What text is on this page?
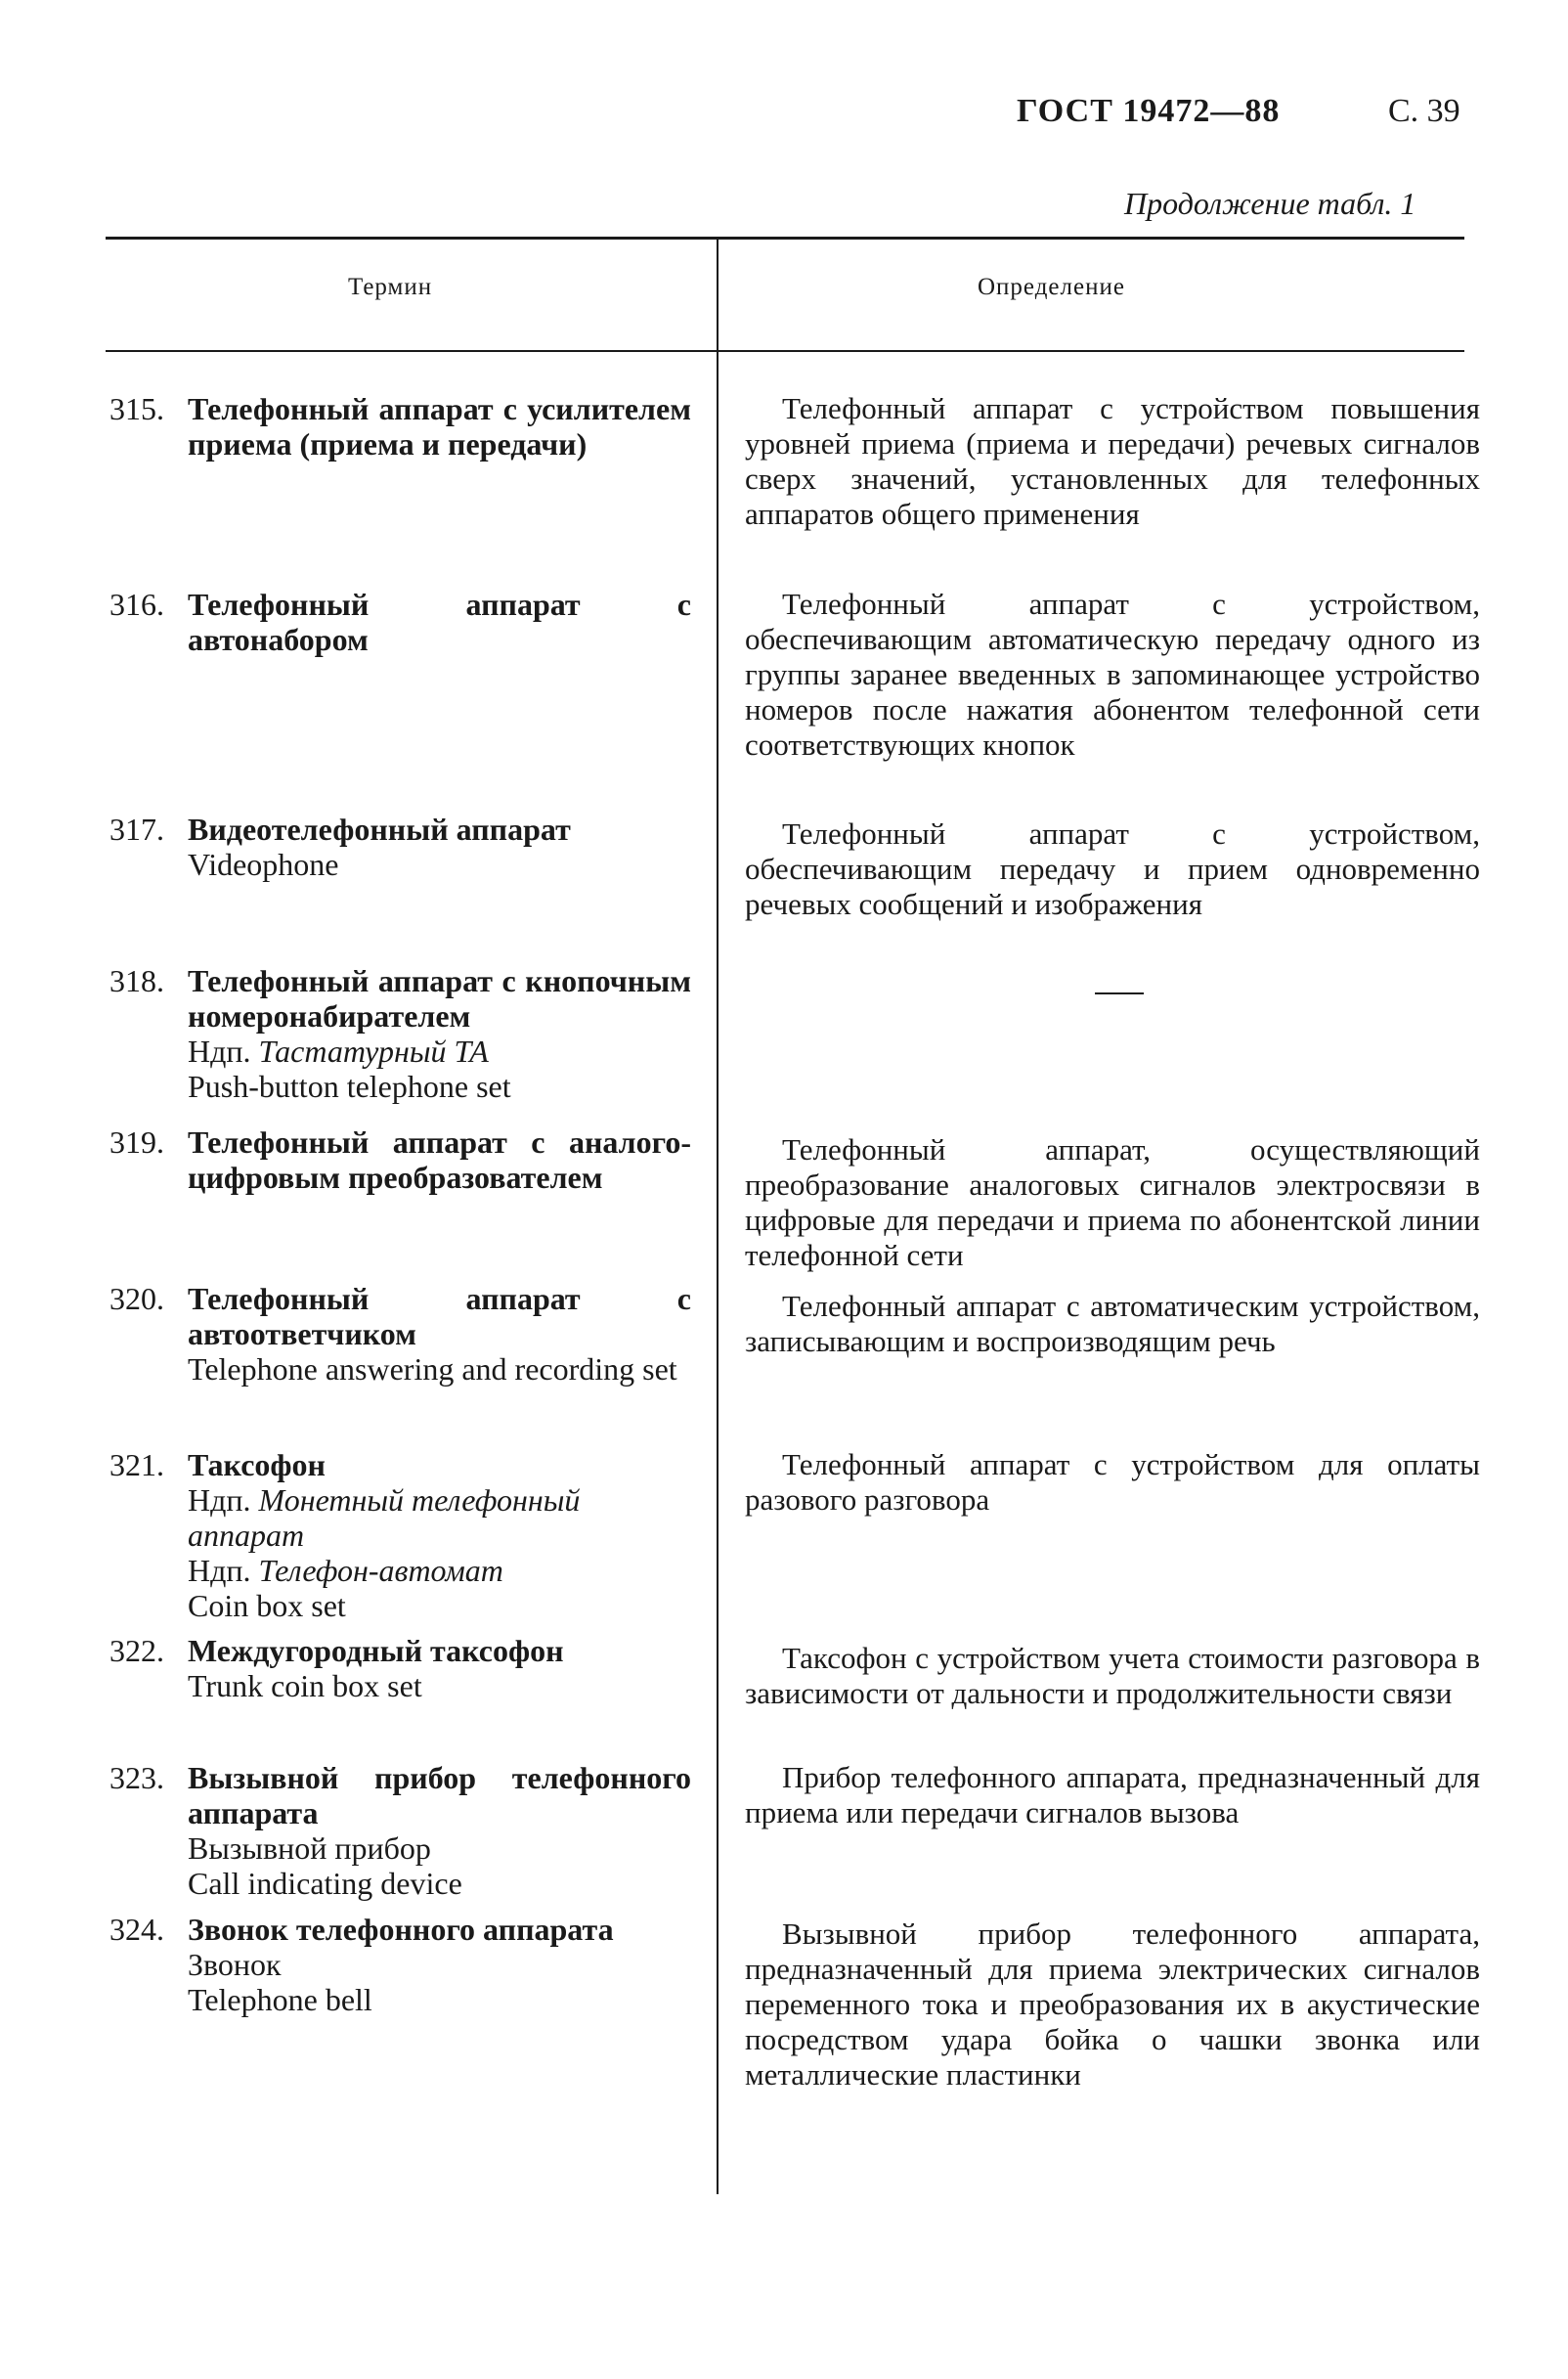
ГОСТ 19472—88	С. 39
Продолжение табл. 1
Термин	Определение
315. Телефонный аппарат с усилителем приема (приема и передачи)
Телефонный аппарат с устройством повышения уровней приема (приема и передачи) речевых сигналов сверх значений, установленных для телефонных аппаратов общего применения
316. Телефонный аппарат с автонабором
Телефонный аппарат с устройством, обеспечивающим автоматическую передачу одного из группы заранее введенных в запоминающее устройство номеров после нажатия абонентом телефонной сети соответствующих кнопок
317. Видеотелефонный аппарат
Videophone
Телефонный аппарат с устройством, обеспечивающим передачу и прием одновременно речевых сообщений и изображения
318. Телефонный аппарат с кнопочным номеронабирателем
Ндп. Тастатурный ТА
Push-button telephone set
319. Телефонный аппарат с аналого-цифровым преобразователем
Телефонный аппарат, осуществляющий преобразование аналоговых сигналов электросвязи в цифровые для передачи и приема по абонентской линии телефонной сети
320. Телефонный аппарат с автоответчиком
Telephone answering and recording set
Телефонный аппарат с автоматическим устройством, записывающим и воспроизводящим речь
321. Таксофон
Ндп. Монетный телефонный аппарат
Ндп. Телефон-автомат
Coin box set
Телефонный аппарат с устройством для оплаты разового разговора
322. Междугородный таксофон
Trunk coin box set
Таксофон с устройством учета стоимости разговора в зависимости от дальности и продолжительности связи
323. Вызывной прибор телефонного аппарата
Вызывной прибор
Call indicating device
Прибор телефонного аппарата, предназначенный для приема или передачи сигналов вызова
324. Звонок телефонного аппарата
Звонок
Telephone bell
Вызывной прибор телефонного аппарата, предназначенный для приема электрических сигналов переменного тока и преобразования их в акустические посредством удара бойка о чашки звонка или металлические пластинки
